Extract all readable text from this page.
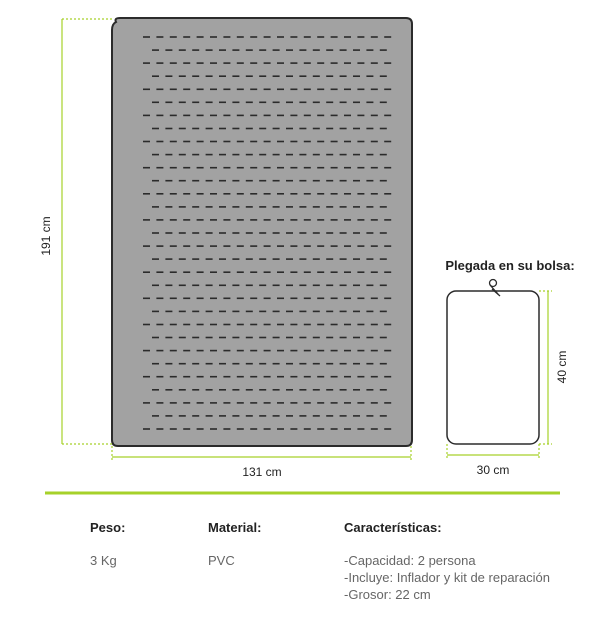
191 cm
131 cm
Plegada en su bolsa:
40 cm
30 cm

Peso:

3 Kg

Material:

PVC

Características:

- Capacidad: 2 persona
- Incluye: Inflador y kit de reparación
- Grosor: 22 cm
